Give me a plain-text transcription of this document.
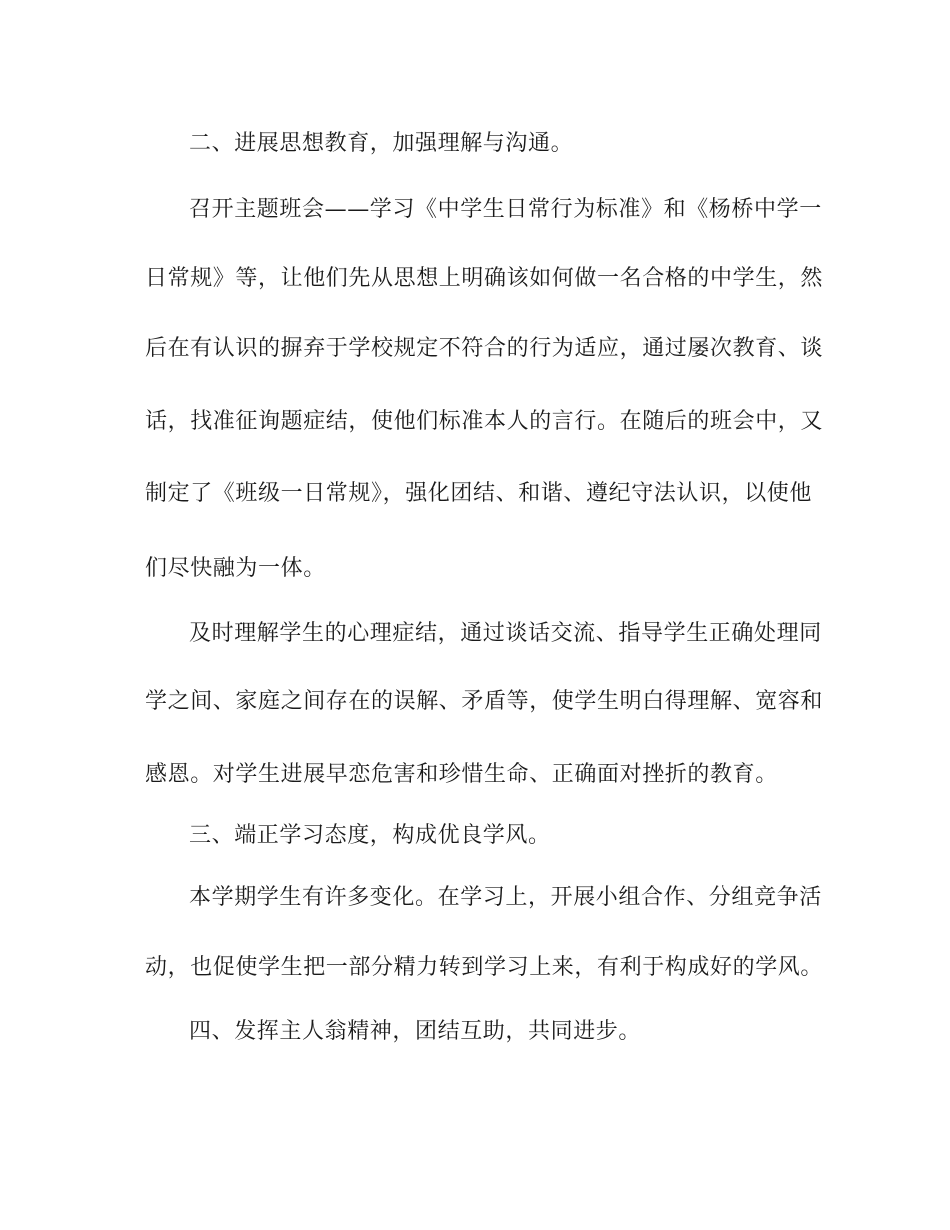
二、进展思想教育，加强理解与沟通。

召开主题班会——学习《中学生日常行为标准》和《杨桥中学一

日常规》等，让他们先从思想上明确该如何做一名合格的中学生，然

后在有认识的摒弃于学校规定不符合的行为适应，通过屡次教育、谈

话，找准征询题症结，使他们标准本人的言行。在随后的班会中，又

制定了《班级一日常规》，强化团结、和谐、遵纪守法认识，以使他

们尽快融为一体。

及时理解学生的心理症结，通过谈话交流、指导学生正确处理同

学之间、家庭之间存在的误解、矛盾等，使学生明白得理解、宽容和

感恩。对学生进展早恋危害和珍惜生命、正确面对挫折的教育。

三、端正学习态度，构成优良学风。

本学期学生有许多变化。在学习上，开展小组合作、分组竞争活

动，也促使学生把一部分精力转到学习上来，有利于构成好的学风。

四、发挥主人翁精神，团结互助，共同进步。
